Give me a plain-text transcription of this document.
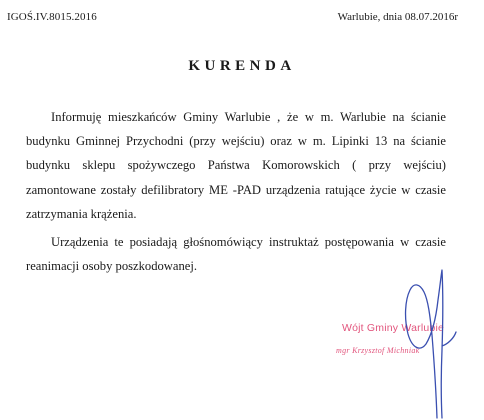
IGOŚ.IV.8015.2016	Warlubie, dnia 08.07.2016r
KURENDA

Informuję mieszkańców Gminy Warlubie , że w m. Warlubie na ścianie budynku Gminnej Przychodni (przy wejściu) oraz w m. Lipinki 13 na ścianie budynku sklepu spożywczego Państwa Komorowskich ( przy wejściu) zamontowane zostały defilibratory ME -PAD urządzenia ratujące życie w czasie zatrzymania krążenia.

Urządzenia te posiadają głośnomówiący instruktaż postępowania w czasie reanimacji osoby poszkodowanej.

Wójt Gminy Warlubie
mgr Krzysztof Michniak
